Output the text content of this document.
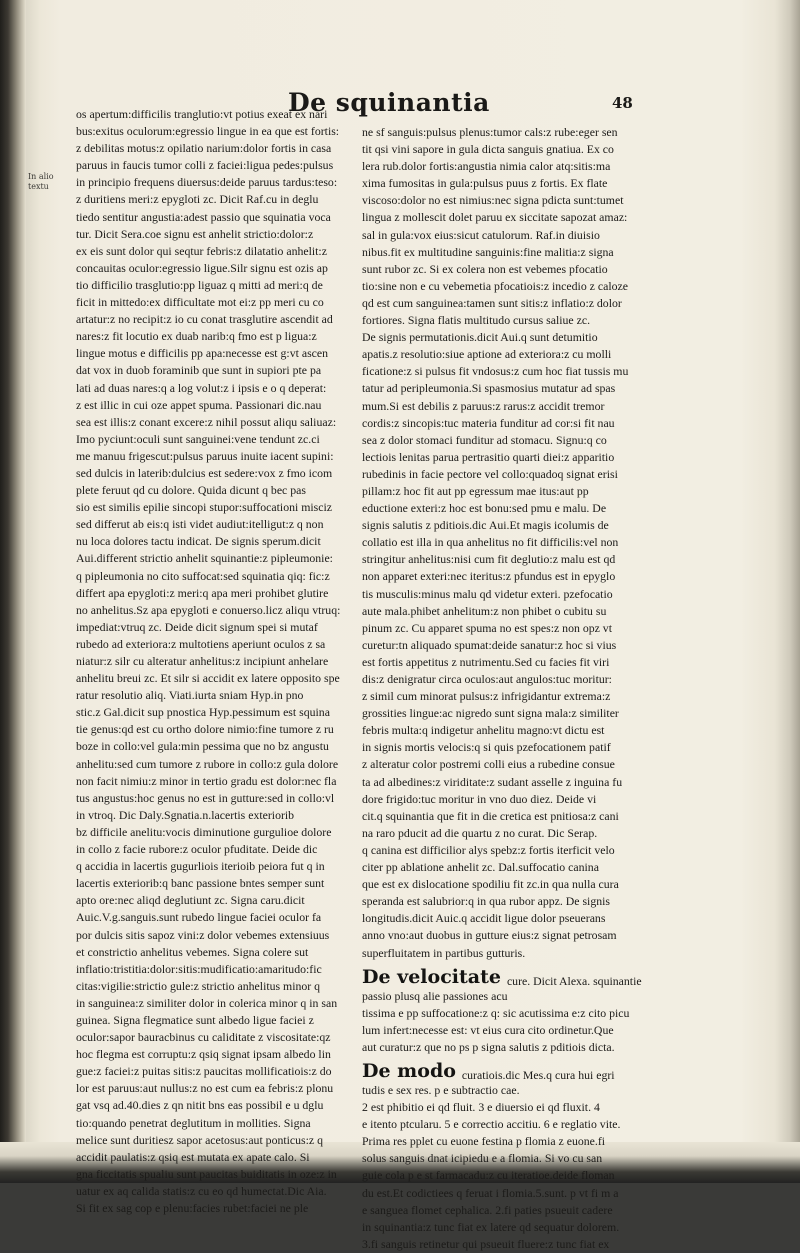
De squinantia	48
In alio textu
os apertum:difficilis tranglutio:vt potius exeat ex nari
bus:exitus oculorum:egressio lingue in ea que est fortis:
z debilitas motus:z opilatio narium:dolor fortis in casa
paruus in faucis tumor colli z faciei:ligua pedes:pulsus
in principio frequens diuersus:deide paruus tardus:teso:
z duritiens meri:z epygloti zc. Dicit Raf.cu in deglu
tiedo sentitur angustia:adest passio que squinatia voca
tur. Dicit Sera.coe signu est anhelit strictio:dolor:z
ex eis sunt dolor qui seqtur febris:z dilatatio anhelit:z
concauitas oculor:egressio ligue.Silr signu est ozis ap
tio difficilio trasglutio:pp liguaz q mitti ad meri:q de
ficit in mittedo:ex difficultate mot ei:z pp meri cu co
artatur:z no recipit:z io cu conat trasglutire ascendit ad
nares:z fit locutio ex duab narib:q fmo est p ligua:z
lingue motus e difficilis pp apa:necesse est g:vt ascen
dat vox in duob foraminib que sunt in supiori pte pa
lati ad duas nares:q a log volut:z i ipsis e o q deperat:
z est illic in cui oze appet spuma. Passionari dic.nau
sea est illis:z conant excere:z nihil possut aliqu saliuaz:
Imo pyciunt:oculi sunt sanguinei:vene tendunt zc.ci
me manuu frigescut:pulsus paruus inuite iacent supini:
sed dulcis in laterib:dulcius est sedere:vox z fmo icom
plete feruut qd cu dolore. Quida dicunt q bec pas
sio est similis epilie sincopi stupor:suffocationi misciz
sed differut ab eis:q isti videt audiut:itelligut:z q non
nu loca dolores tactu indicat. De signis sperum.dicit
Aui.different strictio anhelit squinantie:z pipleumonie:
q pipleumonia no cito suffocat:sed squinatia qiq: fic:z
differt apa epygloti:z meri:q apa meri prohibet glutire
no anhelitus.Sz apa epygloti e conuerso.licz aliqu vtruq:
impediat:vtruq zc. Deide dicit signum spei si mutaf
rubedo ad exteriora:z multotiens aperiunt oculos z sa
niatur:z silr cu alteratur anhelitus:z incipiunt anhelare
anhelitu breui zc. Et silr si accidit ex latere opposito spe
ratur resolutio aliq. Viati.iurta sniam Hyp.in pno
stic.z Gal.dicit sup pnostica Hyp.pessimum est squina
tie genus:qd est cu ortho dolore nimio:fine tumore z ru
boze in collo:vel gula:min pessima que no bz angustu
anhelitu:sed cum tumore z rubore in collo:z gula dolore
non facit nimiu:z minor in tertio gradu est dolor:nec fla
tus angustus:hoc genus no est in gutture:sed in collo:vl
in vtroq. Dic Daly.Sgnatia.n.lacertis exteriorib
bz difficile anelitu:vocis diminutione gurgulioe dolore
in collo z facie rubore:z oculor pfuditate. Deide dic
q accidia in lacertis gugurliois iterioib peiora fut q in
lacertis exteriorib:q banc passione bntes semper sunt
apto ore:nec aliqd deglutiunt zc. Signa caru.dicit
Auic.V.g.sanguis.sunt rubedo lingue faciei oculor fa
por dulcis sitis sapoz vini:z dolor vebemes extensiuus
et constrictio anhelitus vebemes. Signa colere sut
inflatio:tristitia:dolor:sitis:mudificatio:amaritudo:fic
citas:vigilie:strictio gule:z strictio anhelitus minor q
in sanguinea:z similiter dolor in colerica minor q in san
guinea. Signa flegmatice sunt albedo ligue faciei z
oculor:sapor bauracbinus cu caliditate z viscositate:qz
hoc flegma est corruptu:z qsiq signat ipsam albedo lin
gue:z faciei:z puitas sitis:z paucitas mollificatiois:z do
lor est paruus:aut nullus:z no est cum ea febris:z plonu
gat vsq ad.40.dies z qn nitit bns eas possibil e u dglu
tio:quando penetrat deglutitum in mollities. Signa
melice sunt duritiesz sapor acetosus:aut ponticus:z q
accidit paulatis:z qsiq est mutata ex apate calo. Si
gna ficcitatis spualiu sunt paucitas buiditatis in oze:z in
uatur ex aq calida statis:z cu eo qd humectat.Dic Aia.
Si fit ex sag cop e plenu:facies rubet:faciei ne ple
ne sf sanguis:pulsus plenus:tumor cals:z rube:eger sen
tit qsi vini sapore in gula dicta sanguis gnatiua. Ex co
lera rub.dolor fortis:angustia nimia calor atq:sitis:ma
xima fumositas in gula:pulsus puus z fortis. Ex flate
viscoso:dolor no est nimius:nec signa pdicta sunt:tumet
lingua z mollescit dolet paruu ex siccitate sapozat amaz:
sal in gula:vox eius:sicut catulorum. Raf.in diuisio
nibus.fit ex multitudine sanguinis:fine malitia:z signa
sunt rubor zc. Si ex colera non est vebemes pfocatio
tio:sine non e cu vebemetia pfocatiois:z incedio z caloze
qd est cum sanguinea:tamen sunt sitis:z inflatio:z dolor
fortiores. Signa flatis multitudo cursus saliue zc.
De signis permutationis.dicit Aui.q sunt detumitio
apatis.z resolutio:siue aptione ad exteriora:z cu molli
ficatione:z si pulsus fit vndosus:z cum hoc fiat tussis mu
tatur ad peripleumonia.Si spasmosius mutatur ad spas
mum.Si est debilis z paruus:z rarus:z accidit tremor
cordis:z sincopis:tuc materia funditur ad cor:si fit nau
sea z dolor stomaci funditur ad stomacu. Signu:q co
lectiois lenitas parua pertrasitio quarti diei:z apparitio
rubedinis in facie pectore vel collo:quadoq signat erisi
pillam:z hoc fit aut pp egressum mae itus:aut pp
eductione exteri:z hoc est bonu:sed pmu e malu. De
signis salutis z pditiois.dic Aui.Et magis icolumis de
collatio est illa in qua anhelitus no fit difficilis:vel non
stringitur anhelitus:nisi cum fit deglutio:z malu est qd
non apparet exteri:nec iteritus:z pfundus est in epyglo
tis musculis:minus malu qd videtur exteri. pzefocatio
aute mala.phibet anhelitum:z non phibet o cubitu su
pinum zc. Cu apparet spuma no est spes:z non opz vt
curetur:tn aliquado spumat:deide sanatur:z hoc si vius
est fortis appetitus z nutrimentu.Sed cu facies fit viri
dis:z denigratur circa oculos:aut angulos:tuc moritur:
z simil cum minorat pulsus:z infrigidantur extrema:z
grossities lingue:ac nigredo sunt signa mala:z similiter
febris multa:q indigetur anhelitu magno:vt dictu est
in signis mortis velocis:q si quis pzefocationem patif
z alteratur color postremi colli eius a rubedine consue
ta ad albedines:z viriditate:z sudant asselle z inguina fu
dore frigido:tuc moritur in vno duo diez. Deide vi
cit.q squinantia que fit in die cretica est pnitiosa:z cani
na raro pducit ad die quartu z no curat. Dic Serap.
q canina est difficilior alys spebz:z fortis iterficit velo
citer pp ablatione anhelit zc. Dal.suffocatio canina
que est ex dislocatione spodiliu fit zc.in qua nulla cura
speranda est salubrior:q in qua rubor appz. De signis
longitudis.dicit Auic.q accidit ligue dolor pseuerans
anno vno:aut duobus in gutture eius:z signat petrosam
superfluitatem in partibus gutturis.
De velocitate cure. Dicit Alexa. squinantie
passio plusq alie passiones acu
tissima e pp suffocatione:z q: sic acutissima e:z cito picu
lum infert:necesse est: vt eius cura cito ordinetur.Que
aut curatur:z que no ps p signa salutis z pditiois dicta.
De modo curatiois.dic Mes.q cura hui egri
tudis e sex res. p e subtractio cae.
2 est phibitio ei qd fluit. 3 e diuersio ei qd fluxit. 4
e itento ptcularu. 5 e correctio accitiu. 6 e reglatio vite.
Prima res pplet cu euone festina p flomia z euone.fi
solus sanguis dnat icipiedu e a flomia. Si vo cu san
guie cola p e st farmacadu:z cu iteratioe.deide floman
du est.Et codictiees q feruat i flomia.5.sunt. p vt fi m a
e sanguea flomet cephalica. 2.fi paties psueuit cadere
in squinantia:z tunc fiat ex latere qd sequatur dolorem.
3.fi sanguis retinetur qui psueuit fluere:z tunc fiat ex
